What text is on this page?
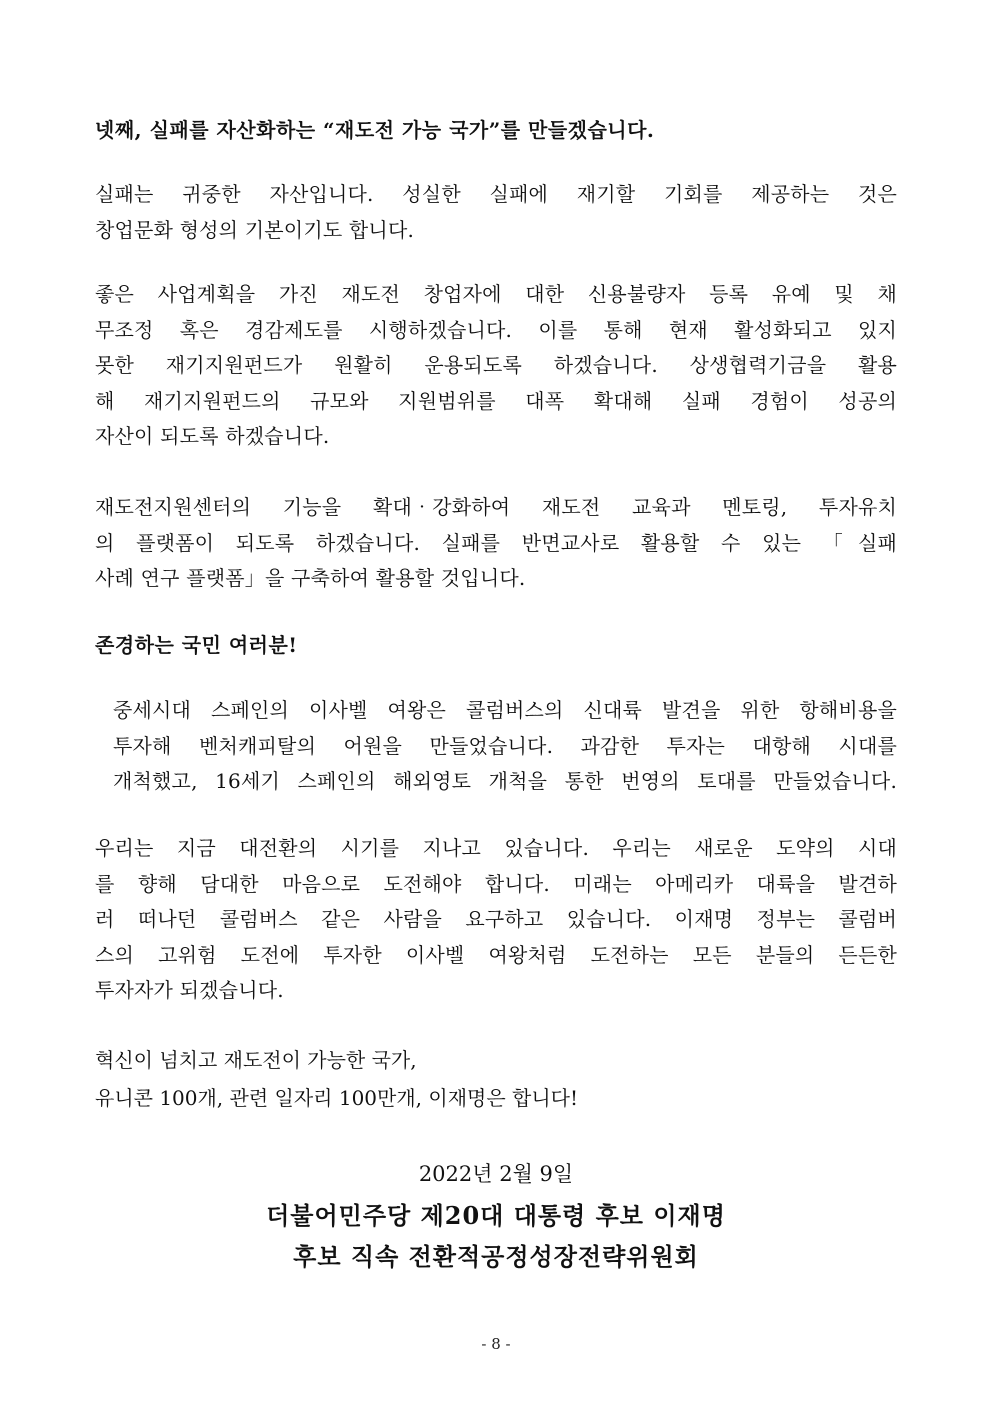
넷째, 실패를 자산화하는 “재도전 가능 국가”를 만들겠습니다.
실패는 귀중한 자산입니다. 성실한 실패에 재기할 기회를 제공하는 것은
창업문화 형성의 기본이기도 합니다.
좋은 사업계획을 가진 재도전 창업자에 대한 신용불량자 등록 유예 및 채
무조정 혹은 경감제도를 시행하겠습니다. 이를 통해 현재 활성화되고 있지
못한 재기지원펀드가 원활히 운용되도록 하겠습니다. 상생협력기금을 활용
해 재기지원펀드의 규모와 지원범위를 대폭 확대해 실패 경험이 성공의
자산이 되도록 하겠습니다.
재도전지원센터의 기능을 확대‧강화하여 재도전 교육과 멘토링, 투자유치
의 플랫폼이 되도록 하겠습니다. 실패를 반면교사로 활용할 수 있는 「실패
사례 연구 플랫폼」을 구축하여 활용할 것입니다.
존경하는 국민 여러분!
중세시대 스페인의 이사벨 여왕은 콜럼버스의 신대륙 발견을 위한 항해비용을
투자해 벤처캐피탈의 어원을 만들었습니다. 과감한 투자는 대항해 시대를
개척했고, 16세기 스페인의 해외영토 개척을 통한 번영의 토대를 만들었습니다.
우리는 지금 대전환의 시기를 지나고 있습니다. 우리는 새로운 도약의 시대
를 향해 담대한 마음으로 도전해야 합니다. 미래는 아메리카 대륙을 발견하
러 떠나던 콜럼버스 같은 사람을 요구하고 있습니다. 이재명 정부는 콜럼버
스의 고위험 도전에 투자한 이사벨 여왕처럼 도전하는 모든 분들의 든든한
투자자가 되겠습니다.
혁신이 넘치고 재도전이 가능한 국가,
유니콘 100개, 관련 일자리 100만개, 이재명은 합니다!
2022년 2월 9일
더불어민주당 제20대 대통령 후보 이재명
후보 직속 전환적공정성장전략위원회
- 8 -
